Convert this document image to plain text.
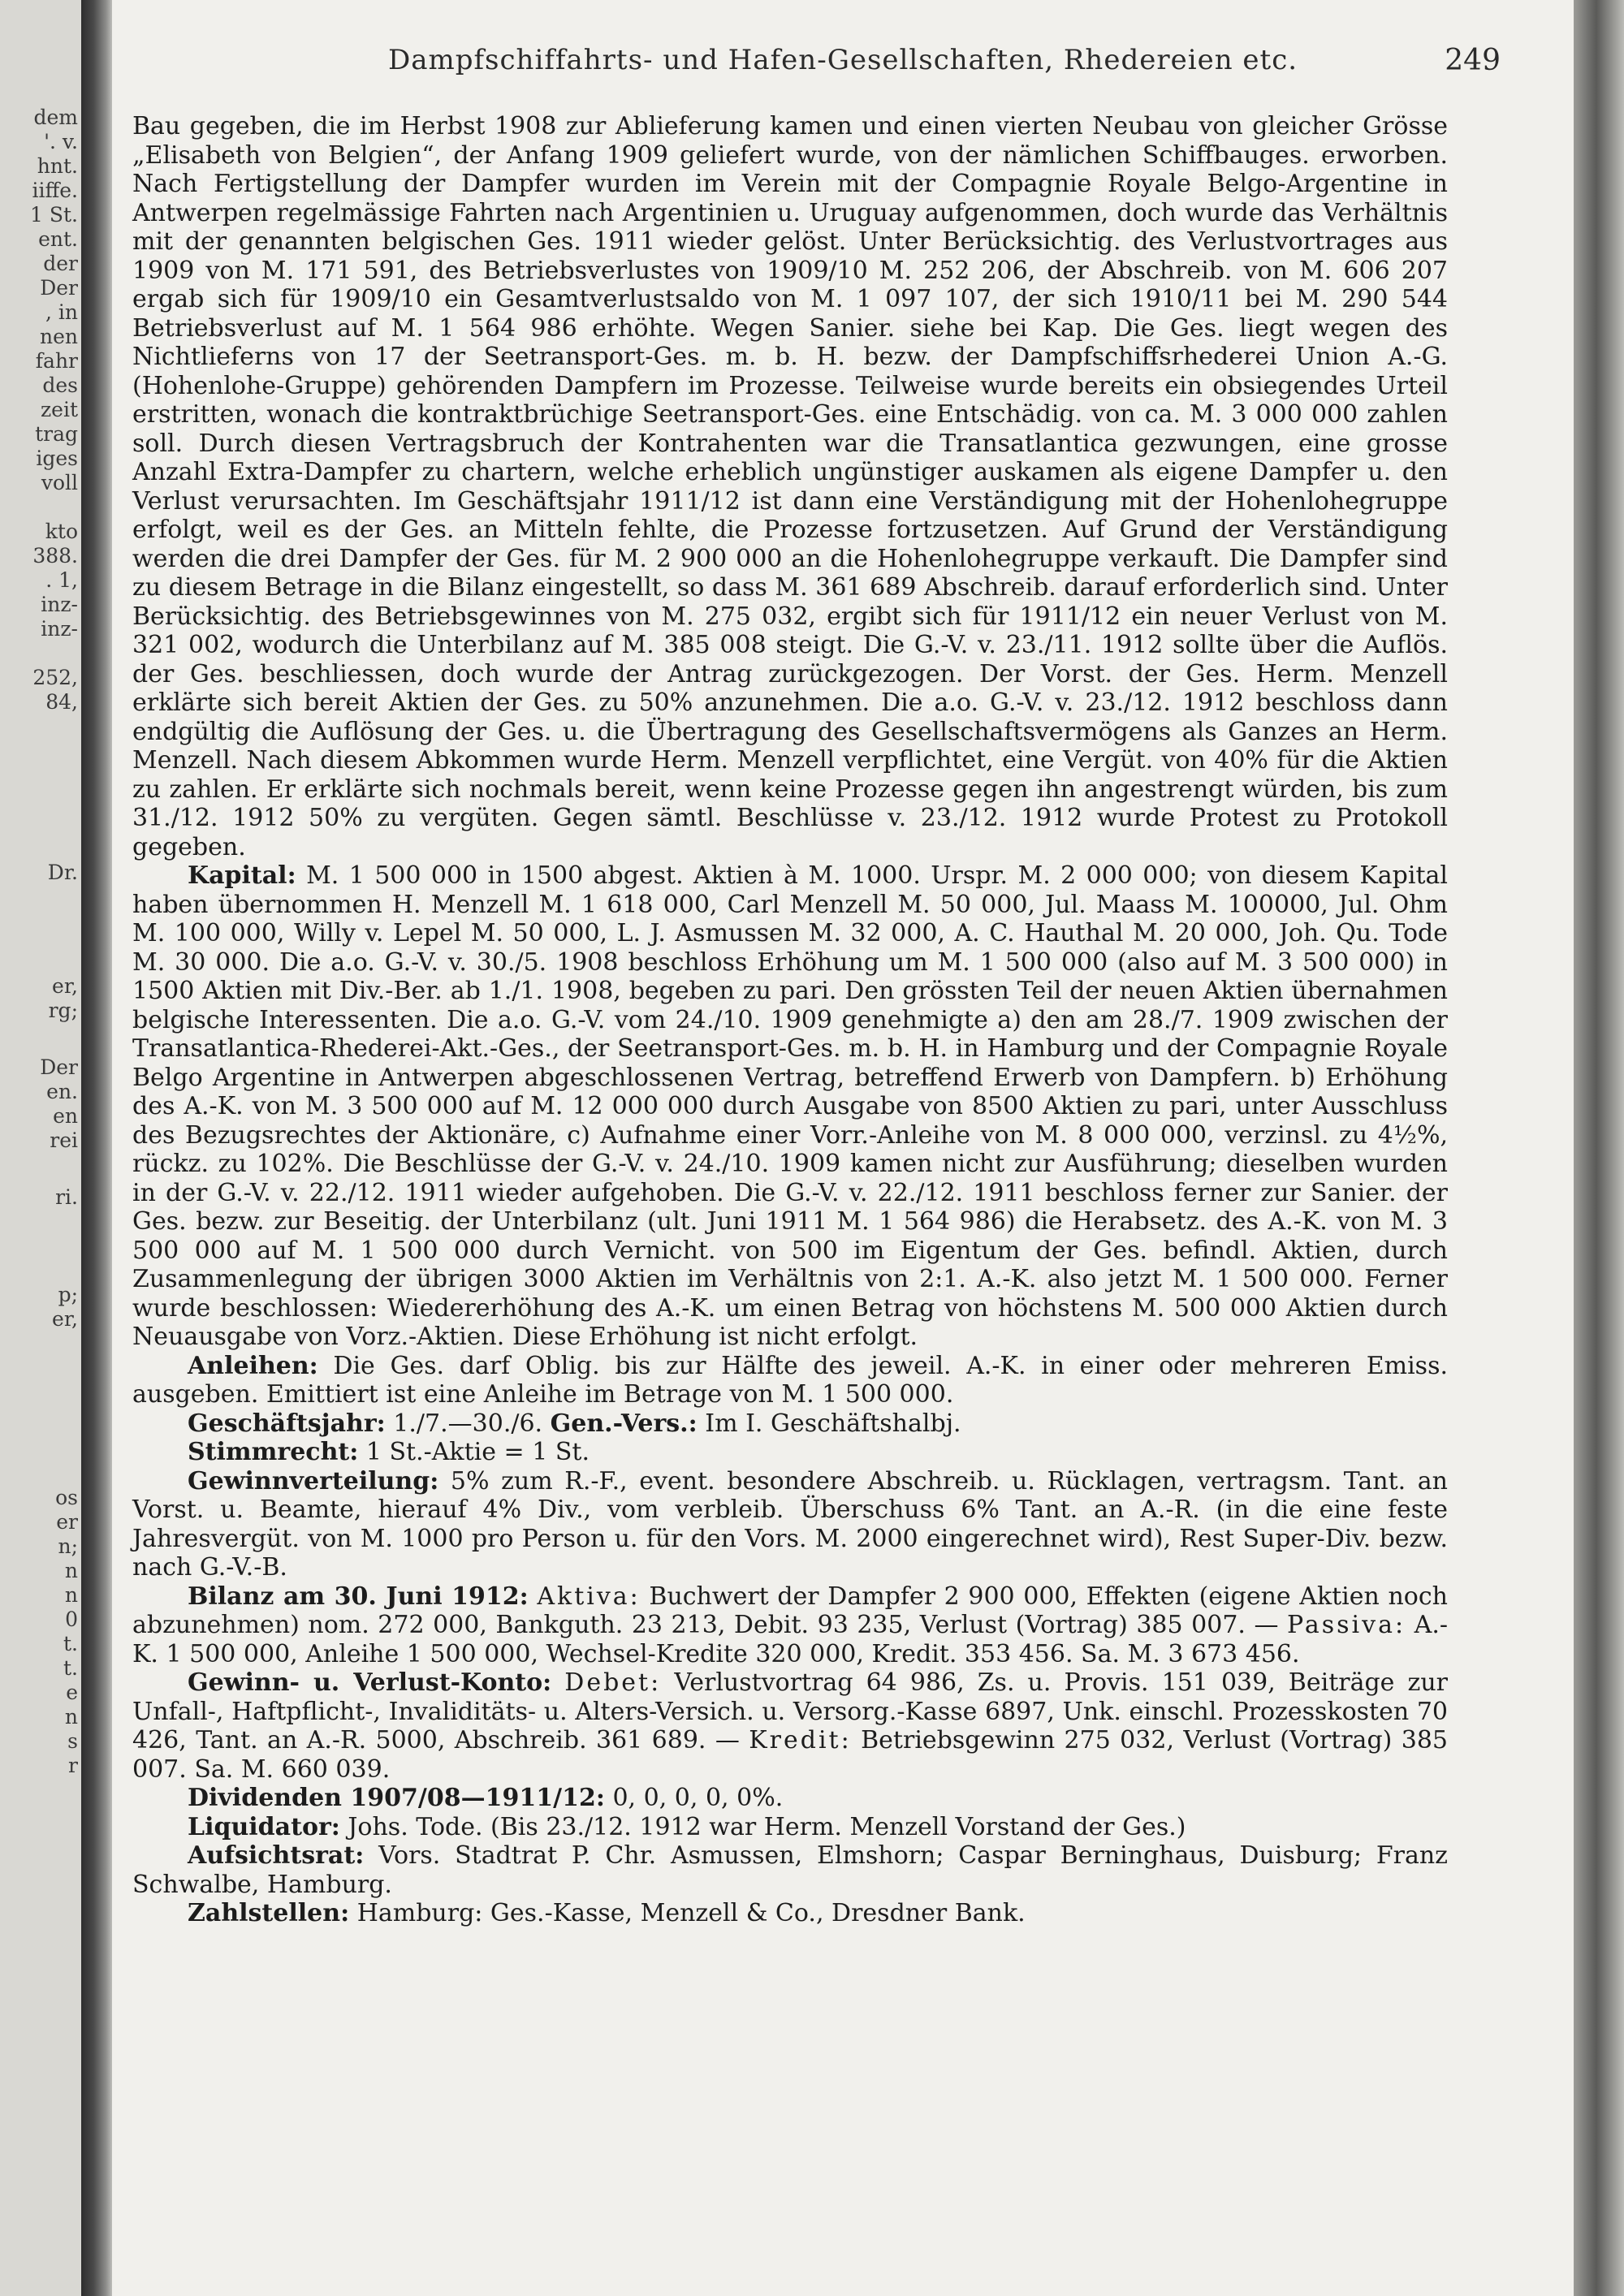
dem
'. v.
hnt.
iiffe.
1 St.
ent.
der
Der
, in
nen
fahr
des
zeit
trag
iges
voll
kto
388.
. 1,
inz-
inz-
252,
84,
Dr.
er,
rg;
Der
en.
en
rei
ri.
p;
er,
os
er
n;
n
n
0
t.
t.
e
n
s
r
Dampfschiffahrts- und Hafen-Gesellschaften, Rhedereien etc.	249

Bau gegeben, die im Herbst 1908 zur Ablieferung kamen und einen vierten Neubau von gleicher Grösse „Elisabeth von Belgien“, der Anfang 1909 geliefert wurde, von der nämlichen Schiffbauges. erworben. Nach Fertigstellung der Dampfer wurden im Verein mit der Compagnie Royale Belgo-Argentine in Antwerpen regelmässige Fahrten nach Argentinien u. Uruguay aufgenommen, doch wurde das Verhältnis mit der genannten belgischen Ges. 1911 wieder gelöst. Unter Berücksichtig. des Verlustvortrages aus 1909 von M. 171 591, des Betriebsverlustes von 1909/10 M. 252 206, der Abschreib. von M. 606 207 ergab sich für 1909/10 ein Gesamtverlustsaldo von M. 1 097 107, der sich 1910/11 bei M. 290 544 Betriebsverlust auf M. 1 564 986 erhöhte. Wegen Sanier. siehe bei Kap. Die Ges. liegt wegen des Nichtlieferns von 17 der Seetransport-Ges. m. b. H. bezw. der Dampfschiffsrhederei Union A.-G. (Hohenlohe-Gruppe) gehörenden Dampfern im Prozesse. Teilweise wurde bereits ein obsiegendes Urteil erstritten, wonach die kontraktbrüchige Seetransport-Ges. eine Entschädig. von ca. M. 3 000 000 zahlen soll. Durch diesen Vertragsbruch der Kontrahenten war die Transatlantica gezwungen, eine grosse Anzahl Extra-Dampfer zu chartern, welche erheblich ungünstiger auskamen als eigene Dampfer u. den Verlust verursachten. Im Geschäftsjahr 1911/12 ist dann eine Verständigung mit der Hohenlohegruppe erfolgt, weil es der Ges. an Mitteln fehlte, die Prozesse fortzusetzen. Auf Grund der Verständigung werden die drei Dampfer der Ges. für M. 2 900 000 an die Hohenlohegruppe verkauft. Die Dampfer sind zu diesem Betrage in die Bilanz eingestellt, so dass M. 361 689 Abschreib. darauf erforderlich sind. Unter Berücksichtig. des Betriebsgewinnes von M. 275 032, ergibt sich für 1911/12 ein neuer Verlust von M. 321 002, wodurch die Unterbilanz auf M. 385 008 steigt. Die G.-V. v. 23./11. 1912 sollte über die Auflös. der Ges. beschliessen, doch wurde der Antrag zurückgezogen. Der Vorst. der Ges. Herm. Menzell erklärte sich bereit Aktien der Ges. zu 50% anzunehmen. Die a.o. G.-V. v. 23./12. 1912 beschloss dann endgültig die Auflösung der Ges. u. die Übertragung des Gesellschaftsvermögens als Ganzes an Herm. Menzell. Nach diesem Abkommen wurde Herm. Menzell verpflichtet, eine Vergüt. von 40% für die Aktien zu zahlen. Er erklärte sich nochmals bereit, wenn keine Prozesse gegen ihn angestrengt würden, bis zum 31./12. 1912 50% zu vergüten. Gegen sämtl. Beschlüsse v. 23./12. 1912 wurde Protest zu Protokoll gegeben.

Kapital: M. 1 500 000 in 1500 abgest. Aktien à M. 1000. Urspr. M. 2 000 000; von diesem Kapital haben übernommen H. Menzell M. 1 618 000, Carl Menzell M. 50 000, Jul. Maass M. 100000, Jul. Ohm M. 100 000, Willy v. Lepel M. 50 000, L. J. Asmussen M. 32 000, A. C. Hauthal M. 20 000, Joh. Qu. Tode M. 30 000. Die a.o. G.-V. v. 30./5. 1908 beschloss Erhöhung um M. 1 500 000 (also auf M. 3 500 000) in 1500 Aktien mit Div.-Ber. ab 1./1. 1908, begeben zu pari. Den grössten Teil der neuen Aktien übernahmen belgische Interessenten. Die a.o. G.-V. vom 24./10. 1909 genehmigte a) den am 28./7. 1909 zwischen der Transatlantica-Rhederei-Akt.-Ges., der Seetransport-Ges. m. b. H. in Hamburg und der Compagnie Royale Belgo Argentine in Antwerpen abgeschlossenen Vertrag, betreffend Erwerb von Dampfern. b) Erhöhung des A.-K. von M. 3 500 000 auf M. 12 000 000 durch Ausgabe von 8500 Aktien zu pari, unter Ausschluss des Bezugsrechtes der Aktionäre, c) Aufnahme einer Vorr.-Anleihe von M. 8 000 000, verzinsl. zu 4½%, rückz. zu 102%. Die Beschlüsse der G.-V. v. 24./10. 1909 kamen nicht zur Ausführung; dieselben wurden in der G.-V. v. 22./12. 1911 wieder aufgehoben. Die G.-V. v. 22./12. 1911 beschloss ferner zur Sanier. der Ges. bezw. zur Beseitig. der Unterbilanz (ult. Juni 1911 M. 1 564 986) die Herabsetz. des A.-K. von M. 3 500 000 auf M. 1 500 000 durch Vernicht. von 500 im Eigentum der Ges. befindl. Aktien, durch Zusammenlegung der übrigen 3000 Aktien im Verhältnis von 2:1. A.-K. also jetzt M. 1 500 000. Ferner wurde beschlossen: Wiedererhöhung des A.-K. um einen Betrag von höchstens M. 500 000 Aktien durch Neuausgabe von Vorz.-Aktien. Diese Erhöhung ist nicht erfolgt.

Anleihen: Die Ges. darf Oblig. bis zur Hälfte des jeweil. A.-K. in einer oder mehreren Emiss. ausgeben. Emittiert ist eine Anleihe im Betrage von M. 1 500 000.

Geschäftsjahr: 1./7.—30./6. Gen.-Vers.: Im I. Geschäftshalbj.

Stimmrecht: 1 St.-Aktie = 1 St.

Gewinnverteilung: 5% zum R.-F., event. besondere Abschreib. u. Rücklagen, vertragsm. Tant. an Vorst. u. Beamte, hierauf 4% Div., vom verbleib. Überschuss 6% Tant. an A.-R. (in die eine feste Jahresvergüt. von M. 1000 pro Person u. für den Vors. M. 2000 eingerechnet wird), Rest Super-Div. bezw. nach G.-V.-B.

Bilanz am 30. Juni 1912: Aktiva: Buchwert der Dampfer 2 900 000, Effekten (eigene Aktien noch abzunehmen) nom. 272 000, Bankguth. 23 213, Debit. 93 235, Verlust (Vortrag) 385 007. — Passiva: A.-K. 1 500 000, Anleihe 1 500 000, Wechsel-Kredite 320 000, Kredit. 353 456. Sa. M. 3 673 456.

Gewinn- u. Verlust-Konto: Debet: Verlustvortrag 64 986, Zs. u. Provis. 151 039, Beiträge zur Unfall-, Haftpflicht-, Invaliditäts- u. Alters-Versich. u. Versorg.-Kasse 6897, Unk. einschl. Prozesskosten 70 426, Tant. an A.-R. 5000, Abschreib. 361 689. — Kredit: Betriebsgewinn 275 032, Verlust (Vortrag) 385 007. Sa. M. 660 039.

Dividenden 1907/08—1911/12: 0, 0, 0, 0, 0%.

Liquidator: Johs. Tode. (Bis 23./12. 1912 war Herm. Menzell Vorstand der Ges.)

Aufsichtsrat: Vors. Stadtrat P. Chr. Asmussen, Elmshorn; Caspar Berninghaus, Duisburg; Franz Schwalbe, Hamburg.

Zahlstellen: Hamburg: Ges.-Kasse, Menzell & Co., Dresdner Bank.
